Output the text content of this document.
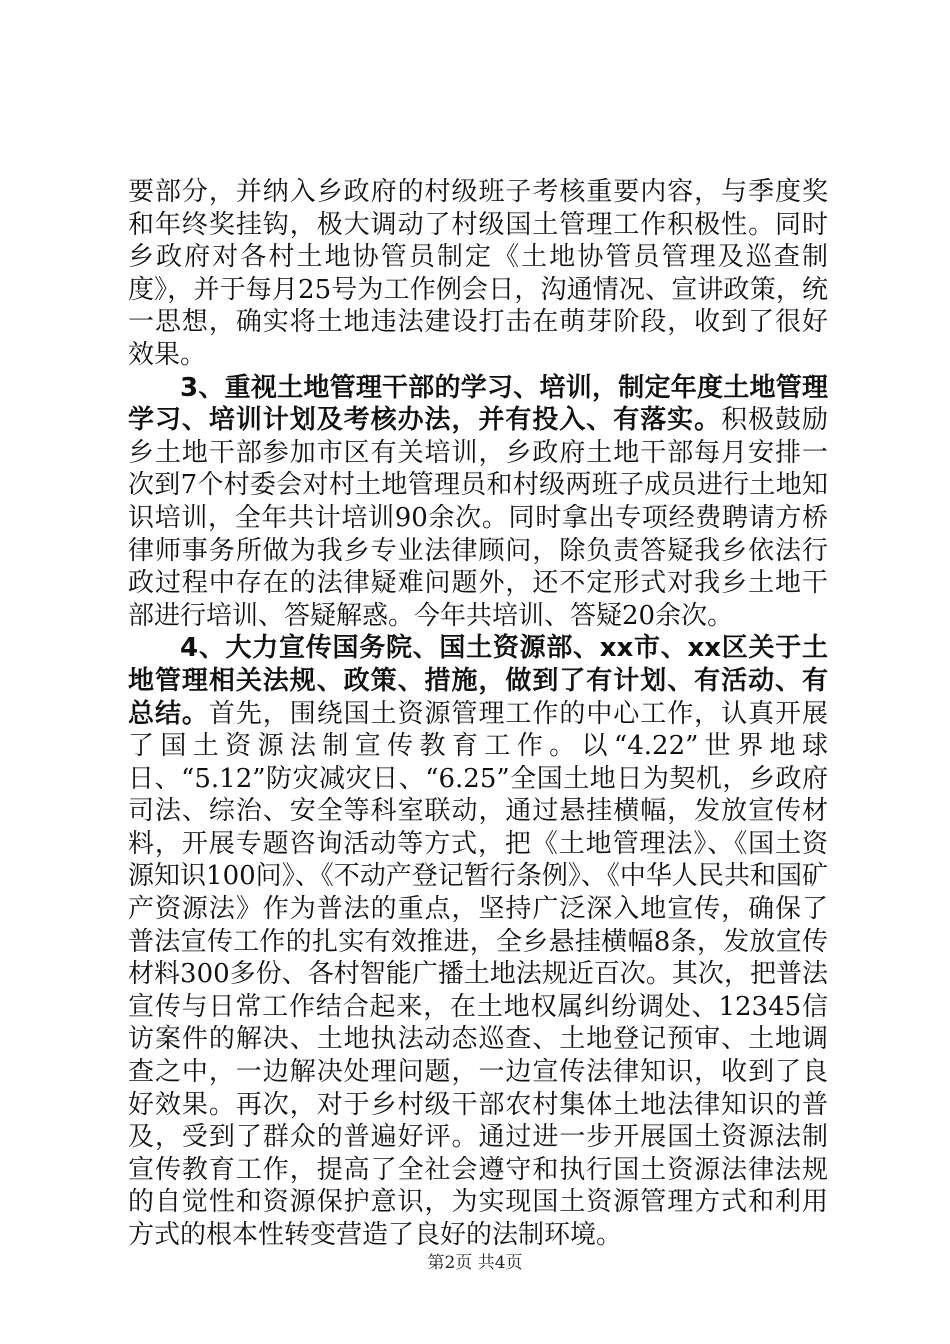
要部分，并纳入乡政府的村级班子考核重要内容，与季度奖和年终奖挂钩，极大调动了村级国土管理工作积极性。同时乡政府对各村土地协管员制定《土地协管员管理及巡查制度》，并于每月25号为工作例会日，沟通情况、宣讲政策，统一思想，确实将土地违法建设打击在萌芽阶段，收到了很好效果。

3、重视土地管理干部的学习、培训，制定年度土地管理学习、培训计划及考核办法，并有投入、有落实。积极鼓励乡土地干部参加市区有关培训，乡政府土地干部每月安排一次到7个村委会对村土地管理员和村级两班子成员进行土地知识培训，全年共计培训90余次。同时拿出专项经费聘请方桥律师事务所做为我乡专业法律顾问，除负责答疑我乡依法行政过程中存在的法律疑难问题外，还不定形式对我乡土地干部进行培训、答疑解惑。今年共培训、答疑20余次。

4、大力宣传国务院、国土资源部、xx市、xx区关于土地管理相关法规、政策、措施，做到了有计划、有活动、有总结。首先，围绕国土资源管理工作的中心工作，认真开展了国土资源法制宣传教育工作。以“4.22”世界地球日、“5.12”防灾减灾日、“6.25”全国土地日为契机，乡政府司法、综治、安全等科室联动，通过悬挂横幅，发放宣传材料，开展专题咨询活动等方式，把《土地管理法》、《国土资源知识100问》、《不动产登记暂行条例》、《中华人民共和国矿产资源法》作为普法的重点，坚持广泛深入地宣传，确保了普法宣传工作的扎实有效推进，全乡悬挂横幅8条，发放宣传材料300多份、各村智能广播土地法规近百次。其次，把普法宣传与日常工作结合起来，在土地权属纠纷调处、12345信访案件的解决、土地执法动态巡查、土地登记预审、土地调查之中，一边解决处理问题，一边宣传法律知识，收到了良好效果。再次，对于乡村级干部农村集体土地法律知识的普及，受到了群众的普遍好评。通过进一步开展国土资源法制宣传教育工作，提高了全社会遵守和执行国土资源法律法规的自觉性和资源保护意识，为实现国土资源管理方式和利用方式的根本性转变营造了良好的法制环境。

第2页 共4页
